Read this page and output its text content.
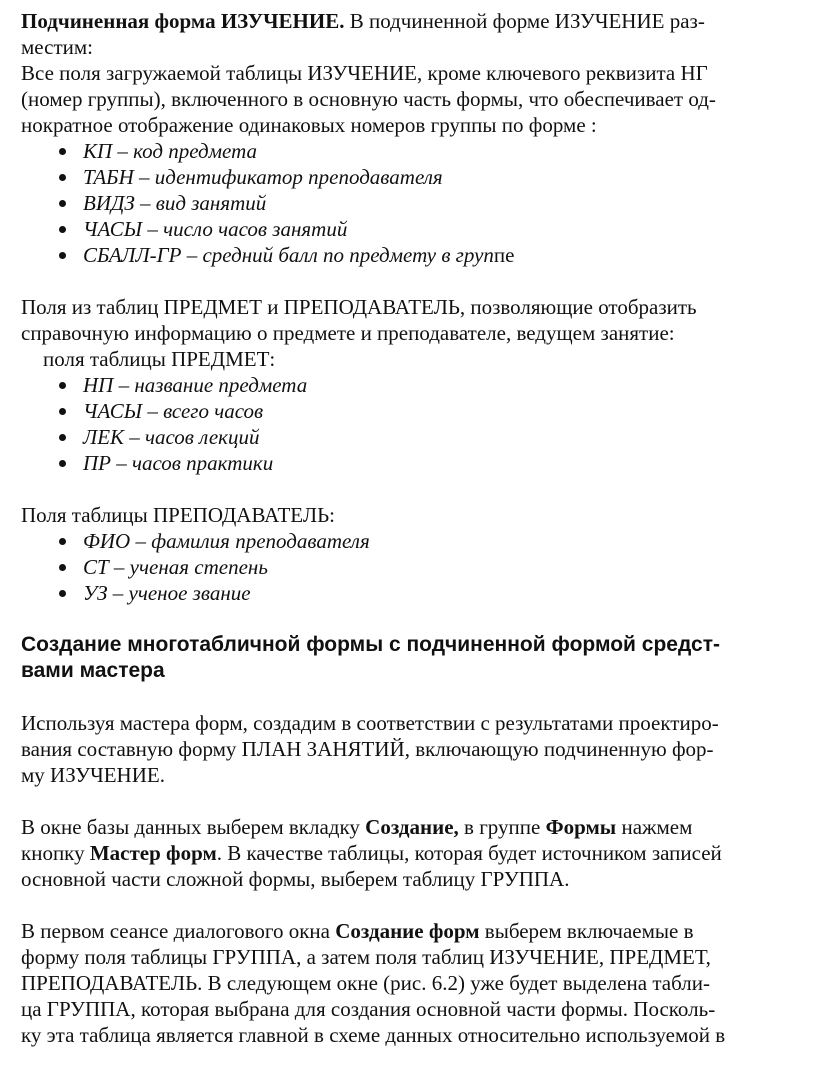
Подчиненная форма ИЗУЧЕНИЕ. В подчиненной форме ИЗУЧЕНИЕ раз-

местим:

Все поля загружаемой таблицы ИЗУЧЕНИЕ, кроме ключевого реквизита НГ

(номер группы), включенного в основную часть формы, что обеспечивает од-

нократное отображение одинаковых номеров группы по форме :

КП – код предмета
ТАБН – идентификатор преподавателя
ВИДЗ – вид занятий
ЧАСЫ – число часов занятий
СБАЛЛ-ГР – средний балл по предмету в группе

Поля из таблиц ПРЕДМЕТ и ПРЕПОДАВАТЕЛЬ, позволяющие отобразить

справочную информацию о предмете и преподавателе, ведущем занятие:

поля таблицы ПРЕДМЕТ:

НП – название предмета
ЧАСЫ – всего часов
ЛЕК – часов лекций
ПР – часов практики

Поля таблицы ПРЕПОДАВАТЕЛЬ:

ФИО – фамилия преподавателя
СТ – ученая степень
УЗ – ученое звание
Создание многотабличной формы с подчиненной формой средст-
вами мастера

Используя мастера форм, создадим в соответствии с результатами проектиро-

вания составную форму ПЛАН ЗАНЯТИЙ, включающую подчиненную фор-

му ИЗУЧЕНИЕ.

В окне базы данных выберем вкладку Создание, в группе Формы нажмем

кнопку Мастер форм. В качестве таблицы, которая будет источником записей

основной части сложной формы, выберем таблицу ГРУППА.

В первом сеансе диалогового окна Создание форм выберем включаемые в

форму поля таблицы ГРУППА, а затем поля таблиц ИЗУЧЕНИЕ, ПРЕДМЕТ,

ПРЕПОДАВАТЕЛЬ. В следующем окне (рис. 6.2) уже будет выделена табли-

ца ГРУППА, которая выбрана для создания основной части формы. Посколь-

ку эта таблица является главной в схеме данных относительно используемой в
